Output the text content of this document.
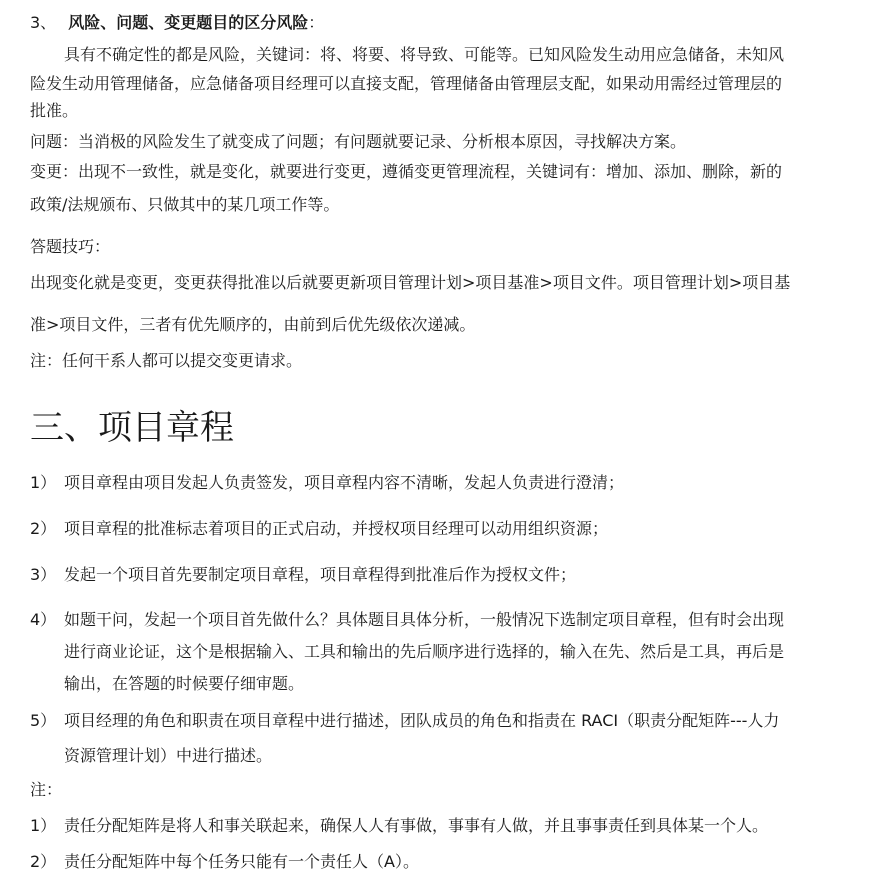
3、 风险、问题、变更题目的区分风险：
具有不确定性的都是风险，关键词：将、将要、将导致、可能等。已知风险发生动用应急储备，未知风
险发生动用管理储备，应急储备项目经理可以直接支配，管理储备由管理层支配，如果动用需经过管理层的
批准。
问题：当消极的风险发生了就变成了问题；有问题就要记录、分析根本原因，寻找解决方案。
变更：出现不一致性，就是变化，就要进行变更，遵循变更管理流程，关键词有：增加、添加、删除，新的
政策/法规颁布、只做其中的某几项工作等。
答题技巧：
出现变化就是变更，变更获得批准以后就要更新项目管理计划>项目基准>项目文件。项目管理计划>项目基
准>项目文件，三者有优先顺序的，由前到后优先级依次递减。
注：任何干系人都可以提交变更请求。
三、项目章程
1） 项目章程由项目发起人负责签发，项目章程内容不清晰，发起人负责进行澄清；
2） 项目章程的批准标志着项目的正式启动，并授权项目经理可以动用组织资源；
3） 发起一个项目首先要制定项目章程，项目章程得到批准后作为授权文件；
4） 如题干问，发起一个项目首先做什么？具体题目具体分析，一般情况下选制定项目章程，但有时会出现
进行商业论证，这个是根据输入、工具和输出的先后顺序进行选择的，输入在先、然后是工具，再后是
输出，在答题的时候要仔细审题。
5） 项目经理的角色和职责在项目章程中进行描述，团队成员的角色和指责在 RACI（职责分配矩阵---人力
资源管理计划）中进行描述。
注：
1） 责任分配矩阵是将人和事关联起来，确保人人有事做，事事有人做，并且事事责任到具体某一个人。
2） 责任分配矩阵中每个任务只能有一个责任人（A）。
